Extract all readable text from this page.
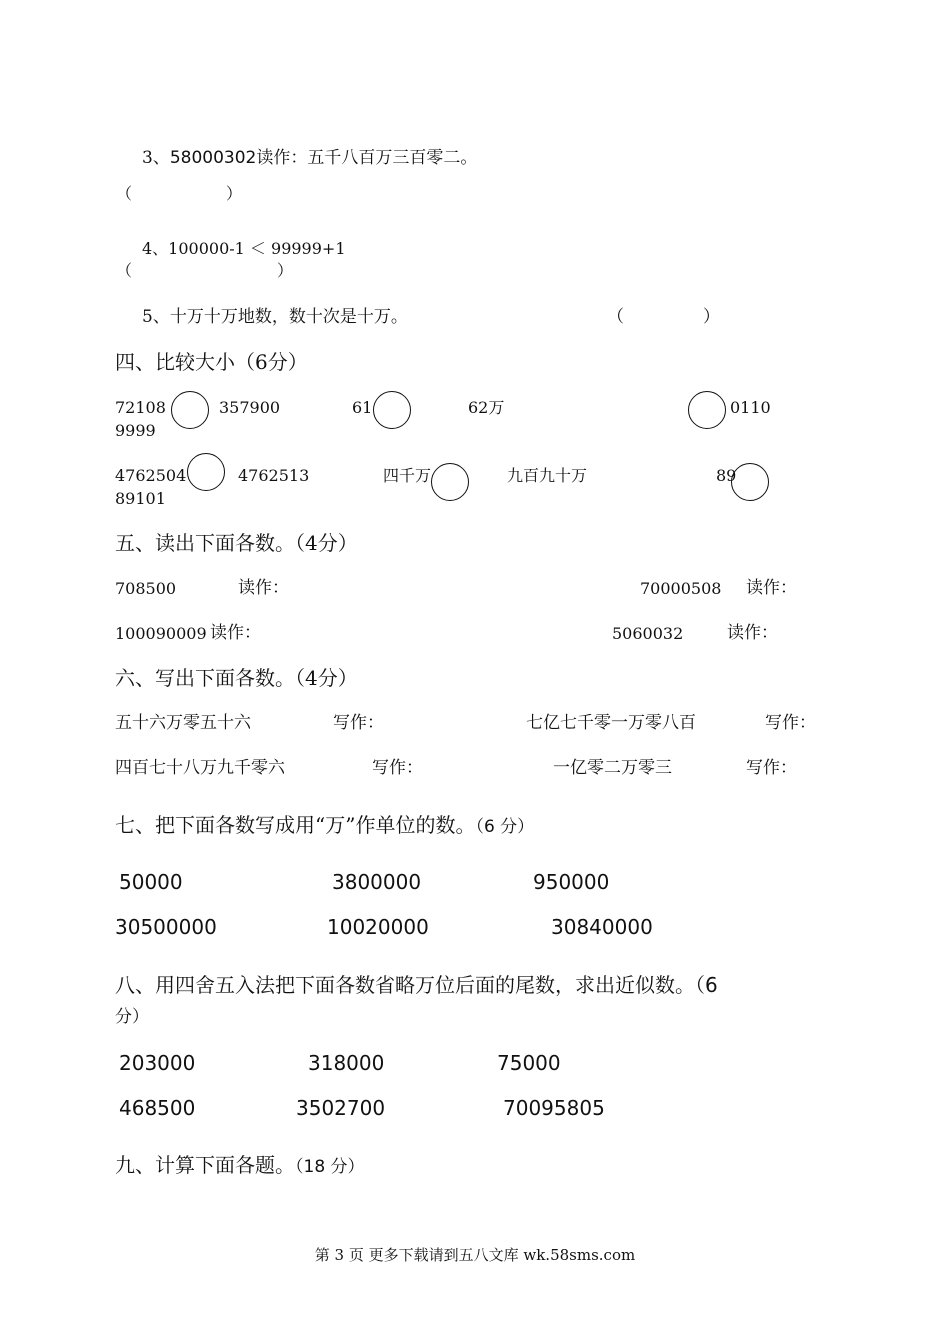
3、58000302读作：五千八百万三百零二。
（	）
4、100000-1 ＜ 99999+1
（	）
5、十万十万地数，数十次是十万。	（	）
四、比较大小（6分）
72108	357900	61	62万	0110
9999
4762504	4762513	四千万	九百九十万	89
89101
五、读出下面各数。（4分）
708500	读作：	70000508 读作：
100090009 读作：	5060032	读作：
六、写出下面各数。（4分）
五十六万零五十六	写作：	七亿七千零一万零八百	写作：
四百七十八万九千零六	写作：	一亿零二万零三	写作：
七、把下面各数写成用“万”作单位的数。（6 分）
50000	3800000	950000
30500000	10020000	30840000
八、用四舍五入法把下面各数省略万位后面的尾数，求出近似数。（6
分）
203000	318000	75000
468500	3502700	70095805
九、计算下面各题。（18 分）
第 3 页 更多下载请到五八文库 wk.58sms.com
